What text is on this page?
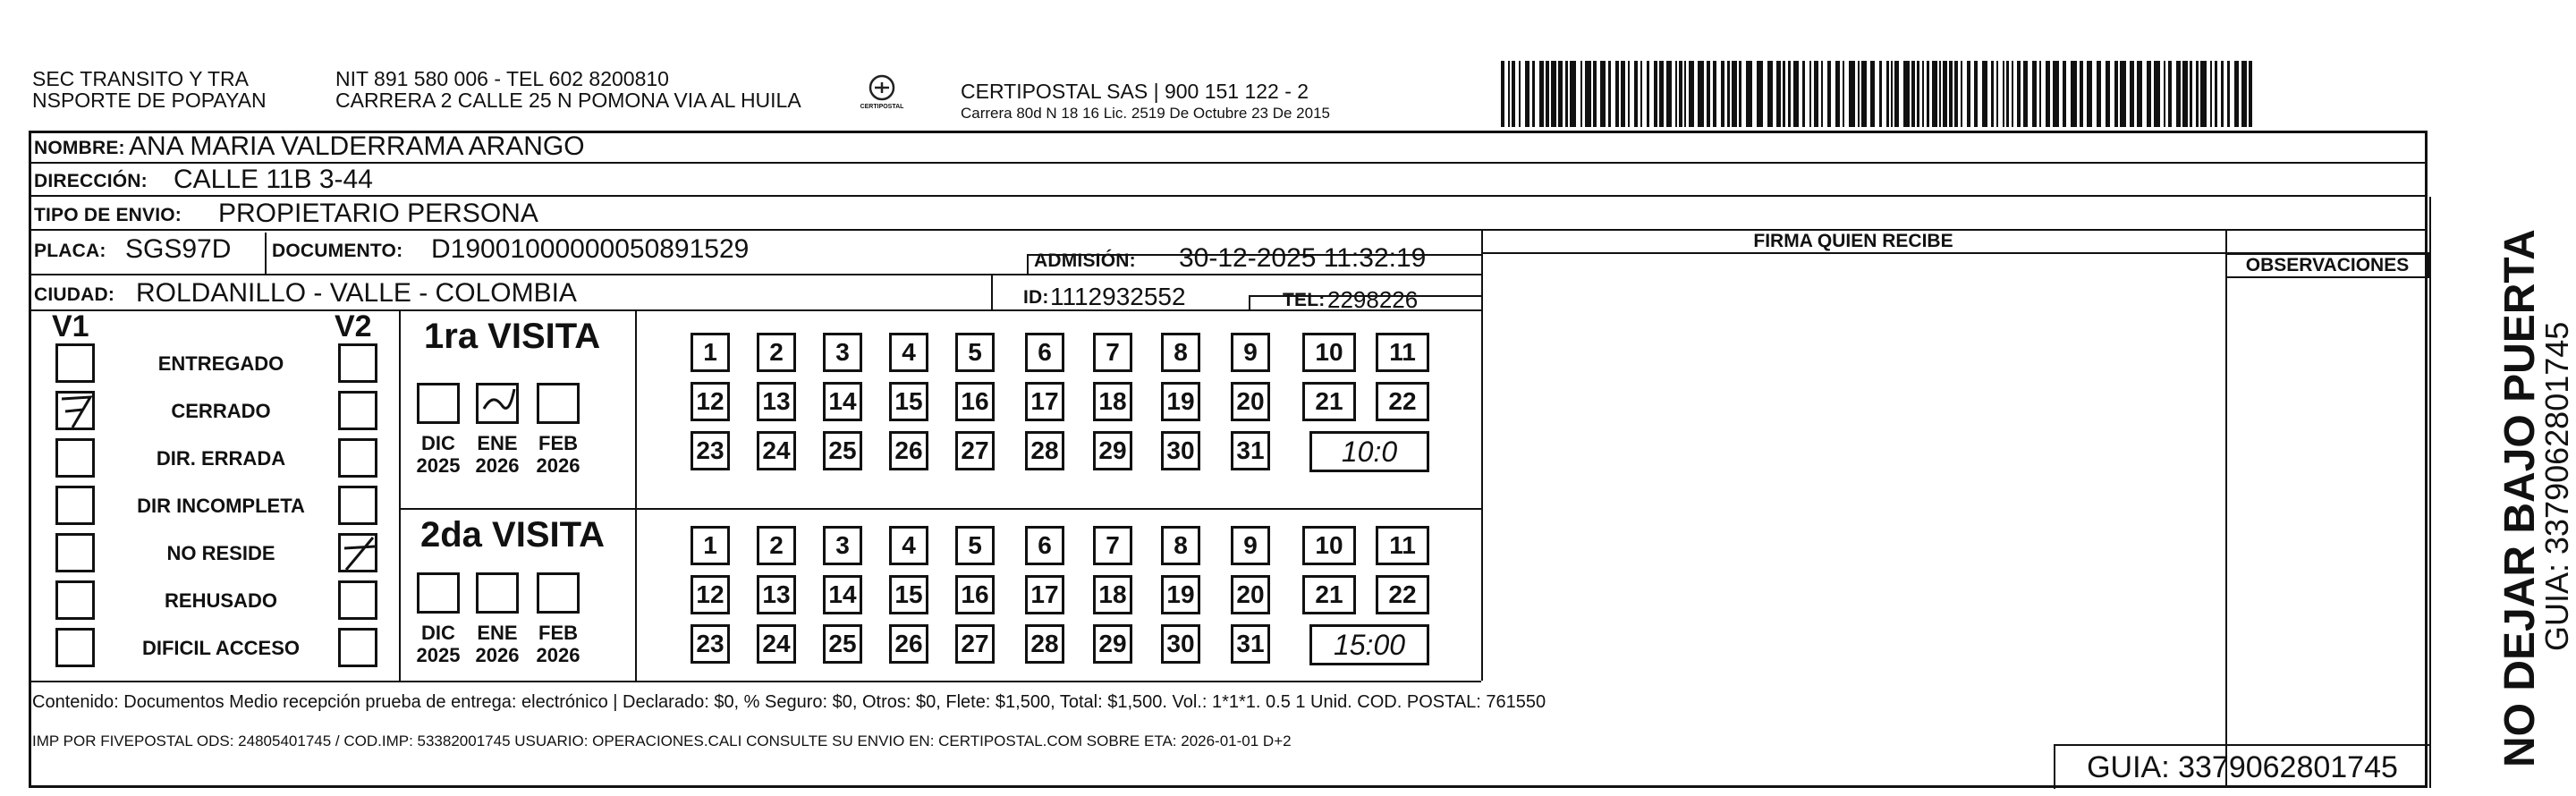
SEC TRANSITO Y TRA
NSPORTE DE POPAYAN
NIT 891 580 006 - TEL 602 8200810
CARRERA 2 CALLE 25 N POMONA VIA AL HUILA	CERTIPOSTAL
CERTIPOSTAL SAS | 900 151 122 - 2
Carrera 80d N 18 16 Lic. 2519 De Octubre 23 De 2015
NOMBRE: ANA MARIA VALDERRAMA ARANGO
DIRECCIÓN: CALLE 11B 3-44
TIPO DE ENVIO: PROPIETARIO PERSONA
PLACA: SGS97D DOCUMENTO: D19001000000050891529	ADMISIÓN: 30-12-2025 11:32:19
CIUDAD: ROLDANILLO - VALLE - COLOMBIA	ID: 1112932552	TEL: 2298226
FIRMA QUIEN RECIBE
OBSERVACIONES
V1	V2
ENTREGADO
CERRADO
DIR. ERRADA
DIR INCOMPLETA
NO RESIDE
REHUSADO
DIFICIL ACCESO
1ra VISITA
2da VISITA
DIC
2025
ENE
2026
FEB
2026
DIC
2025
ENE
2026
FEB
2026
1	2	3	4	5	6	7	8	9	10	11
12 13 14 15 16 17 18 19 20	21	22
23 24 25 26 27 28 29 30 31	10:0
1	2	3	4	5	6	7	8	9	10	11
12 13 14 15 16 17 18 19 20	21	22
23 24 25 26 27 28 29 30 31	15:00	NO DEJAR BAJO PUERTA
GUIA: 3379062801745
Contenido: Documentos Medio recepción prueba de entrega: electrónico | Declarado: $0, % Seguro: $0, Otros: $0, Flete: $1,500, Total: $1,500. Vol.: 1*1*1. 0.5 1 Unid. COD. POSTAL: 761550
IMP POR FIVEPOSTAL ODS: 24805401745 / COD.IMP: 53382001745 USUARIO: OPERACIONES.CALI CONSULTE SU ENVIO EN: CERTIPOSTAL.COM SOBRE ETA: 2026-01-01 D+2
GUIA: 3379062801745
